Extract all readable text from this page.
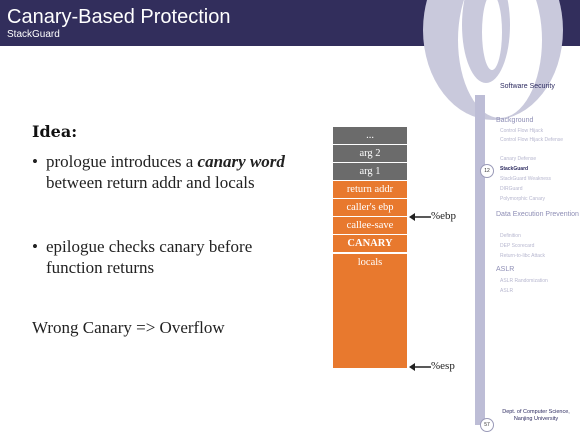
Canary-Based Protection
StackGuard
Idea:
• prologue introduces a canary word between return addr and locals
• epilogue checks canary before function returns
Wrong Canary => Overflow
...
arg 2
arg 1
return addr
caller's ebp
callee-save
CANARY
locals
%ebp
%esp
Software Security
Background
Control Flow Hijack
Control Flow Hijack Defense
Canary Defense
StackGuard
StackGuard Weakness
DIRGuard
Polymorphic Canary
Data Execution Prevention
Definition
DEP Scorecard
Return-to-libc Attack
ASLR
ASLR Randomization
ASLR
12
57
Dept. of Computer Science,
Nanjing University
